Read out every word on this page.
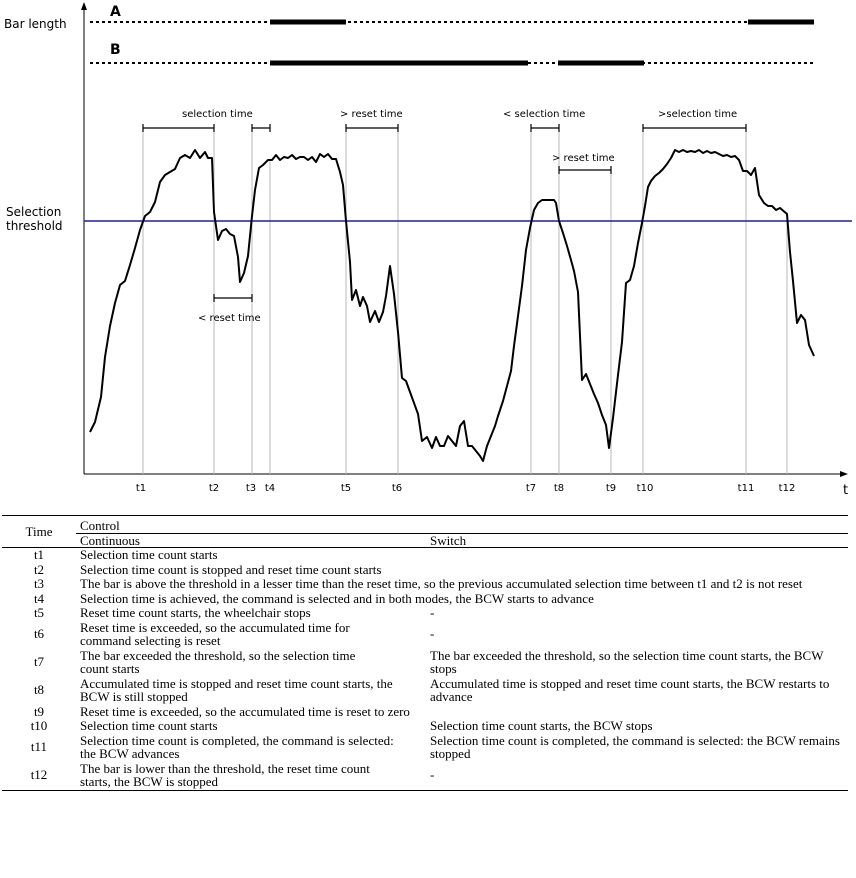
Bar length
A
B
Selection
threshold
t
selection time	> reset time	< selection time	>selection time
> reset time
< reset time
t1	t2	t3 t4	t5	t6	t7 t8	t9 t10	t11 t12
Time	Control	
	Continuous	Switch
t1	Selection time count starts	
t2	Selection time count is stopped and reset time count starts	
t3	The bar is above the threshold in a lesser time than the reset time, so the previous accumulated selection time between t1 and t2 is not reset	
t4	Selection time is achieved, the command is selected and in both modes, the BCW starts to advance	
t5	Reset time count starts, the wheelchair stops	-
t6	Reset time is exceeded, so the accumulated time for command selecting is reset	-
t7	The bar exceeded the threshold, so the selection time count starts	The bar exceeded the threshold, so the selection time count starts, the BCW stops
t8	Accumulated time is stopped and reset time count starts, the BCW is still stopped	Accumulated time is stopped and reset time count starts, the BCW restarts to advance
t9	Reset time is exceeded, so the accumulated time is reset to zero	
t10	Selection time count starts	Selection time count starts, the BCW stops
t11	Selection time count is completed, the command is selected: the BCW advances	Selection time count is completed, the command is selected: the BCW remains stopped
t12	The bar is lower than the threshold, the reset time count starts, the BCW is stopped	-
